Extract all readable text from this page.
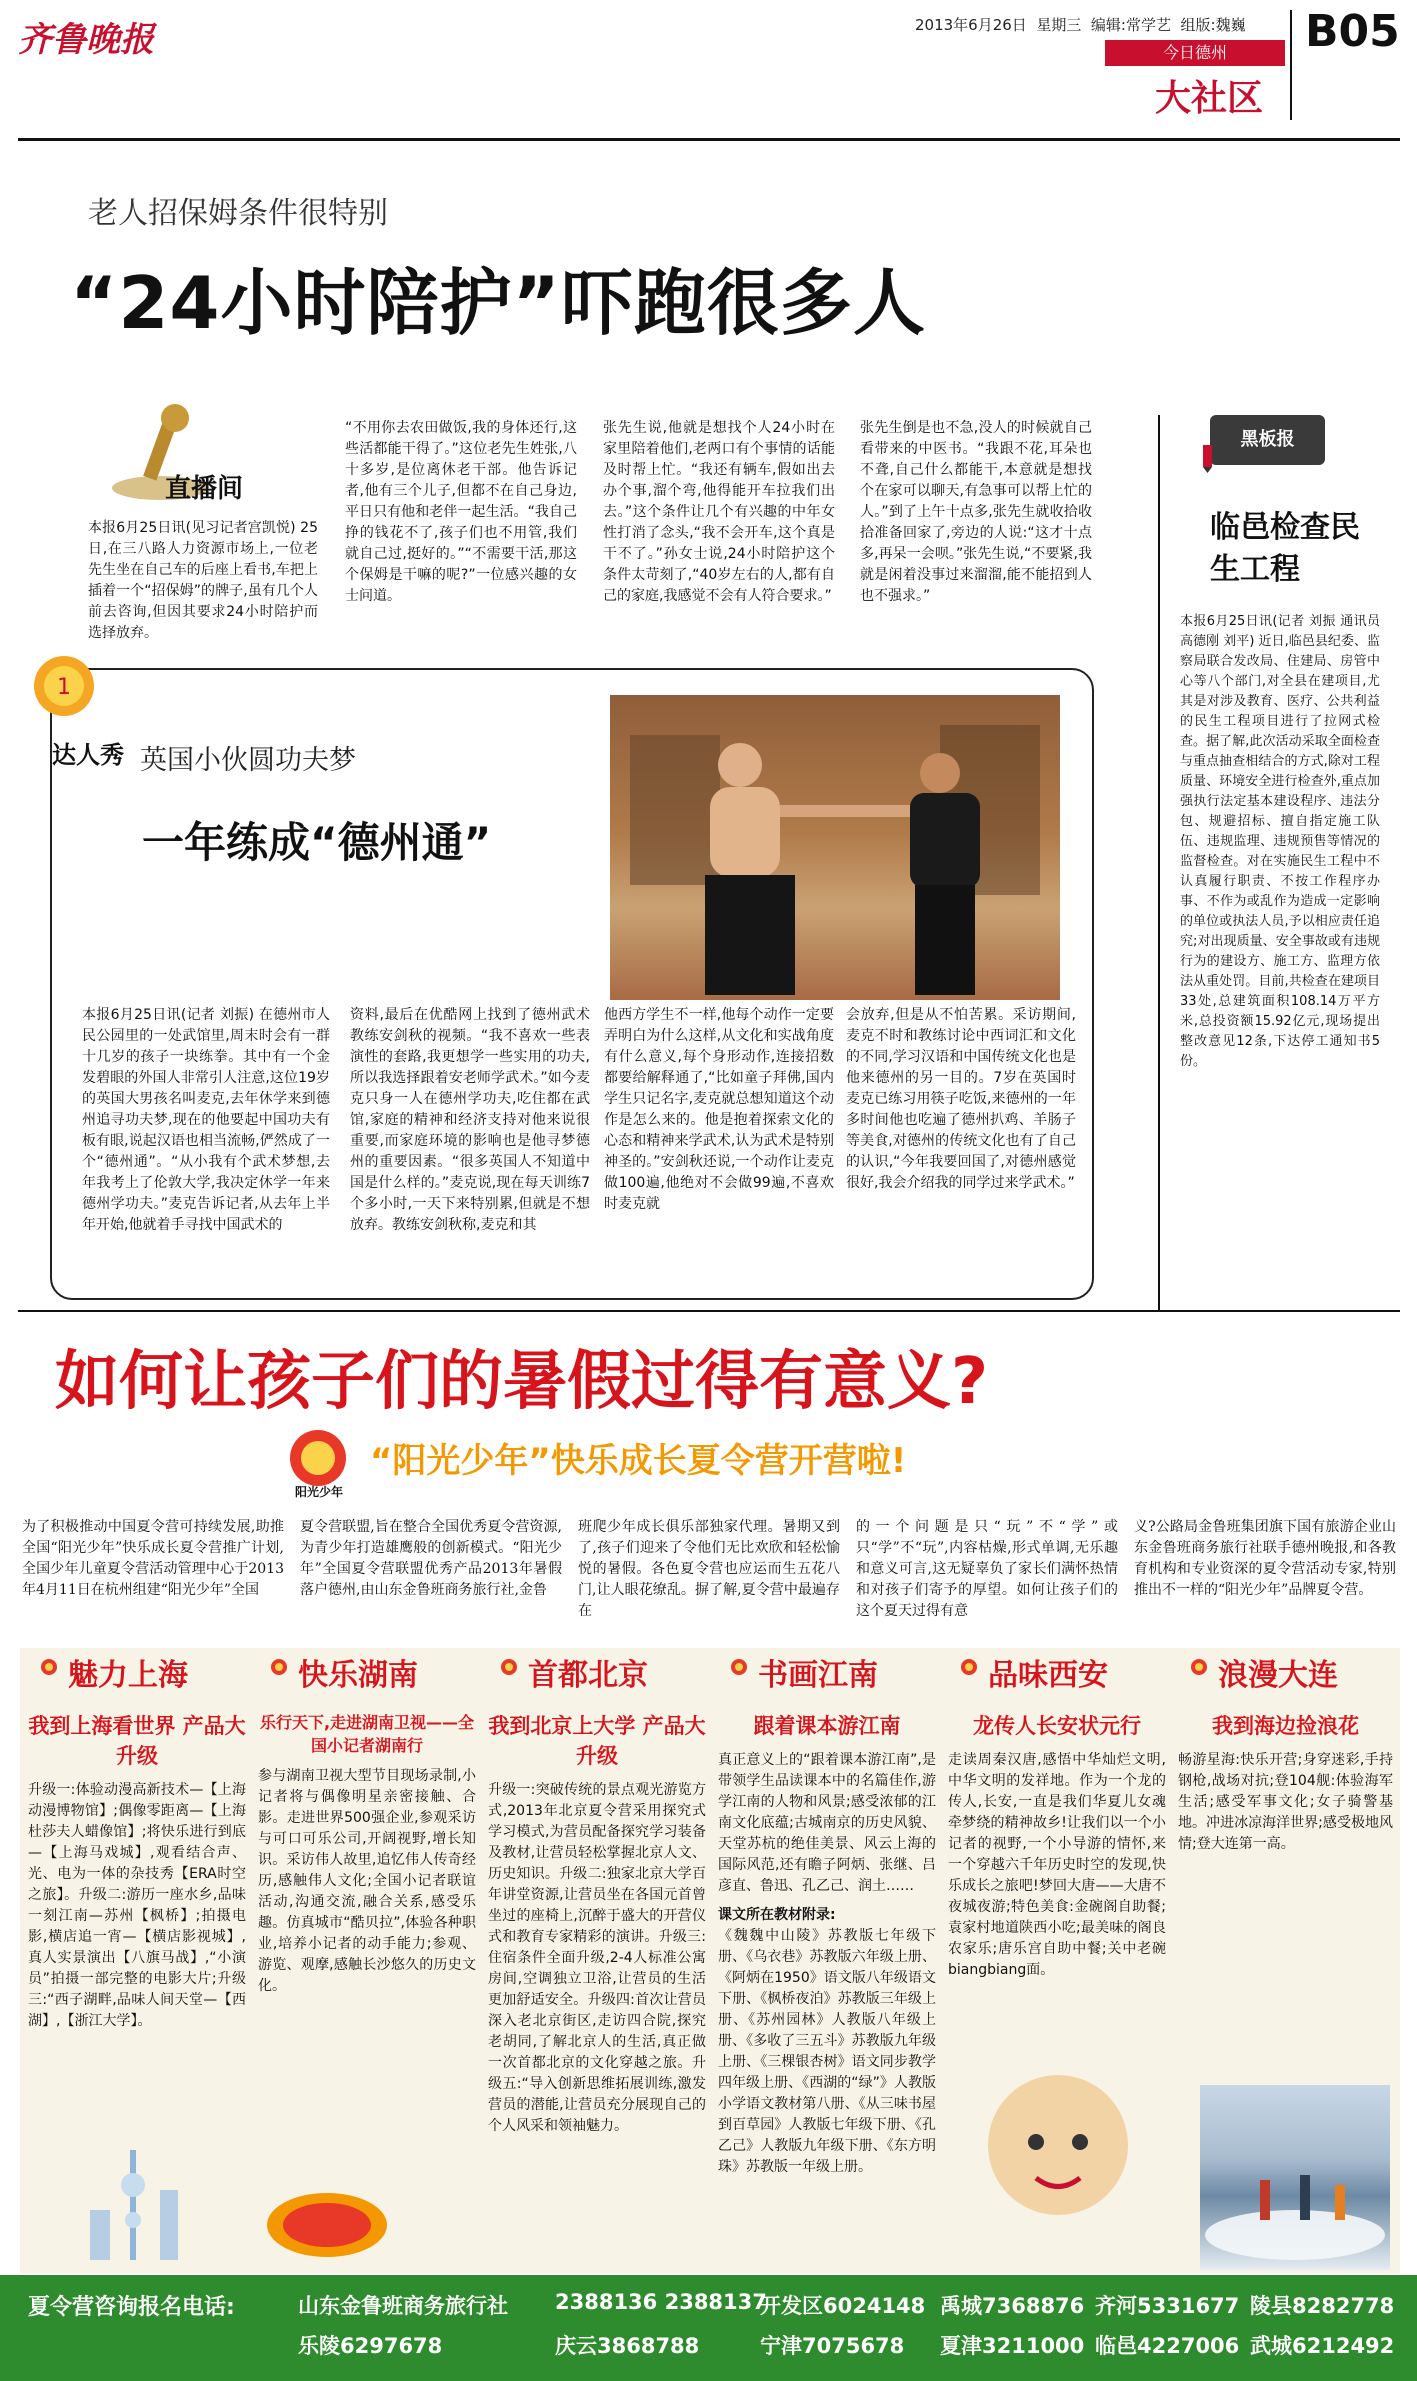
齐鲁晚报	2013年6月26日 星期三 编辑:常学艺 组版:魏巍 B05
今日德州
大社区
老人招保姆条件很特别
“24小时陪护”吓跑很多人
直播间
本报6月25日讯(见习记者宫凯悦) 25日,在三八路人力资源市场上,一位老先生坐在自己车的后座上看书,车把上插着一个“招保姆”的牌子,虽有几个人前去咨询,但因其要求24小时陪护而选择放弃。
“不用你去农田做饭,我的身体还行,这些活都能干得了。”这位老先生姓张,八十多岁,是位离休老干部。他告诉记者,他有三个儿子,但都不在自己身边,平日只有他和老伴一起生活。“我自己挣的钱花不了,孩子们也不用管,我们就自己过,挺好的。”“不需要干活,那这个保姆是干嘛的呢?”一位感兴趣的女士问道。
张先生说,他就是想找个人24小时在家里陪着他们,老两口有个事情的话能及时帮上忙。“我还有辆车,假如出去办个事,溜个弯,他得能开车拉我们出去。”这个条件让几个有兴趣的中年女性打消了念头,“我不会开车,这个真是干不了。”孙女士说,24小时陪护这个条件太苛刻了,“40岁左右的人,都有自己的家庭,我感觉不会有人符合要求。”
张先生倒是也不急,没人的时候就自己看带来的中医书。“我跟不花,耳朵也不聋,自己什么都能干,本意就是想找个在家可以聊天,有急事可以帮上忙的人。”到了上午十点多,张先生就收拾收拾准备回家了,旁边的人说:“这才十点多,再呆一会呗。”张先生说,“不要紧,我就是闲着没事过来溜溜,能不能招到人也不强求。”
黑板报
临邑检查民生工程
本报6月25日讯(记者 刘振 通讯员 高德刚 刘平) 近日,临邑县纪委、监察局联合发改局、住建局、房管中心等八个部门,对全县在建项目,尤其是对涉及教育、医疗、公共利益的民生工程项目进行了拉网式检查。据了解,此次活动采取全面检查与重点抽查相结合的方式,除对工程质量、环境安全进行检查外,重点加强执行法定基本建设程序、违法分包、规避招标、擅自指定施工队伍、违规监理、违规预售等情况的监督检查。对在实施民生工程中不认真履行职责、不按工作程序办事、不作为或乱作为造成一定影响的单位或执法人员,予以相应责任追究;对出现质量、安全事故或有违规行为的建设方、施工方、监理方依法从重处罚。目前,共检查在建项目33处,总建筑面积108.14万平方米,总投资额15.92亿元,现场提出整改意见12条,下达停工通知书5份。
1
达人秀 英国小伙圆功夫梦
一年练成“德州通”
本报6月25日讯(记者 刘振) 在德州市人民公园里的一处武馆里,周末时会有一群十几岁的孩子一块练拳。其中有一个金发碧眼的外国人非常引人注意,这位19岁的英国大男孩名叫麦克,去年休学来到德州追寻功夫梦,现在的他要起中国功夫有板有眼,说起汉语也相当流畅,俨然成了一个“德州通”。“从小我有个武术梦想,去年我考上了伦敦大学,我决定休学一年来德州学功夫。”麦克告诉记者,从去年上半年开始,他就着手寻找中国武术的
资料,最后在优酷网上找到了德州武术教练安剑秋的视频。“我不喜欢一些表演性的套路,我更想学一些实用的功夫,所以我选择跟着安老师学武术。”如今麦克只身一人在德州学功夫,吃住都在武馆,家庭的精神和经济支持对他来说很重要,而家庭环境的影响也是他寻梦德州的重要因素。“很多英国人不知道中国是什么样的。”麦克说,现在每天训练7个多小时,一天下来特别累,但就是不想放弃。教练安剑秋称,麦克和其
他西方学生不一样,他每个动作一定要弄明白为什么这样,从文化和实战角度有什么意义,每个身形动作,连接招数都要给解释通了,“比如童子拜佛,国内学生只记名字,麦克就总想知道这个动作是怎么来的。他是抱着探索文化的心态和精神来学武术,认为武术是特别神圣的。”安剑秋还说,一个动作让麦克做100遍,他绝对不会做99遍,不喜欢时麦克就
会放弃,但是从不怕苦累。采访期间,麦克不时和教练讨论中西词汇和文化的不同,学习汉语和中国传统文化也是他来德州的另一目的。7岁在英国时麦克已练习用筷子吃饭,来德州的一年多时间他也吃遍了德州扒鸡、羊肠子等美食,对德州的传统文化也有了自己的认识,“今年我要回国了,对德州感觉很好,我会介绍我的同学过来学武术。”
如何让孩子们的暑假过得有意义?
阳光少年
“阳光少年”快乐成长夏令营开营啦!
为了积极推动中国夏令营可持续发展,助推全国“阳光少年”快乐成长夏令营推广计划,全国少年儿童夏令营活动管理中心于2013年4月11日在杭州组建“阳光少年”全国
夏令营联盟,旨在整合全国优秀夏令营资源,为青少年打造雄鹰般的创新模式。“阳光少年”全国夏令营联盟优秀产品2013年暑假落户德州,由山东金鲁班商务旅行社,金鲁
班爬少年成长俱乐部独家代理。暑期又到了,孩子们迎来了令他们无比欢欣和轻松愉悦的暑假。各色夏令营也应运而生五花八门,让人眼花缭乱。摒了解,夏令营中最遍存在
的一个问题是只“玩”不“学”或只“学”不“玩”,内容枯燥,形式单调,无乐趣和意义可言,这无疑辜负了家长们满怀热情和对孩子们寄予的厚望。如何让孩子们的这个夏天过得有意
义?公路局金鲁班集团旗下国有旅游企业山东金鲁班商务旅行社联手德州晚报,和各教育机构和专业资深的夏令营活动专家,特别推出不一样的“阳光少年”品牌夏令营。
魅力上海
我到上海看世界 产品大升级
升级一:体验动漫高新技术—【上海动漫博物馆】;偶像零距离—【上海杜莎夫人蜡像馆】;将快乐进行到底—【上海马戏城】,观看结合声、光、电为一体的杂技秀【ERA时空之旅】。升级二:游历一座水乡,品味一刻江南—苏州【枫桥】;拍摄电影,横店追一宵—【横店影视城】,真人实景演出【八旗马战】,“小演员”拍摄一部完整的电影大片;升级三:“西子湖畔,品味人间天堂—【西湖】,【浙江大学】。
快乐湖南
乐行天下,走进湖南卫视——全国小记者湖南行
参与湖南卫视大型节目现场录制,小记者将与偶像明星亲密接触、合影。走进世界500强企业,参观采访与可口可乐公司,开阔视野,增长知识。采访伟人故里,追忆伟人传奇经历,感触伟人文化;全国小记者联谊活动,沟通交流,融合关系,感受乐趣。仿真城市“酷贝拉”,体验各种职业,培养小记者的动手能力;参观、游览、观摩,感触长沙悠久的历史文化。
首都北京
我到北京上大学 产品大升级
升级一:突破传统的景点观光游览方式,2013年北京夏令营采用探究式学习模式,为营员配备探究学习装备及教材,让营员轻松掌握北京人文、历史知识。升级二:独家北京大学百年讲堂资源,让营员坐在各国元首曾坐过的座椅上,沉醉于盛大的开营仪式和教育专家精彩的演讲。升级三:住宿条件全面升级,2-4人标准公寓房间,空调独立卫浴,让营员的生活更加舒适安全。升级四:首次让营员深入老北京街区,走访四合院,探究老胡同,了解北京人的生活,真正做一次首都北京的文化穿越之旅。升级五:“导入创新思维拓展训练,激发营员的潜能,让营员充分展现自己的个人风采和领袖魅力。
书画江南
跟着课本游江南
真正意义上的“跟着课本游江南”,是带领学生品读课本中的名篇佳作,游学江南的人物和风景;感受浓郁的江南文化底蕴;古城南京的历史风貌、天堂苏杭的绝佳美景、风云上海的国际风范,还有瞻子阿炳、张继、吕彦直、鲁迅、孔乙己、润土……
课文所在教材附录:
《魏魏中山陵》苏教版七年级下册、《乌衣巷》苏教版六年级上册、《阿炳在1950》语文版八年级语文下册、《枫桥夜泊》苏教版三年级上册、《苏州园林》人教版八年级上册、《多收了三五斗》苏教版九年级上册、《三棵银杏树》语文同步教学四年级上册、《西湖的“绿”》人教版小学语文教材第八册、《从三味书屋到百草园》人教版七年级下册、《孔乙己》人教版九年级下册、《东方明珠》苏教版一年级上册。
品味西安
龙传人长安状元行
走读周秦汉唐,感悟中华灿烂文明,中华文明的发祥地。作为一个龙的传人,长安,一直是我们华夏儿女魂牵梦绕的精神故乡!让我们以一个小记者的视野,一个小导游的情怀,来一个穿越六千年历史时空的发现,快乐成长之旅吧!梦回大唐——大唐不夜城夜游;特色美食:金碗阁自助餐;袁家村地道陕西小吃;最美味的阁良农家乐;唐乐宫自助中餐;关中老碗biangbiang面。
浪漫大连
我到海边捡浪花
畅游星海:快乐开营;身穿迷彩,手持钢枪,战场对抗;登104舰:体验海军生活;感受军事文化;女子骑警基地。冲进冰凉海洋世界;感受极地风情;登大连第一高。
夏令营咨询报名电话:	山东金鲁班商务旅行社 2388136 2388137
开发区6024148 禹城7368876 齐河5331677 陵县8282778
乐陵6297678	庆云3868788	宁津7075678 夏津3211000 临邑4227006 武城6212492
